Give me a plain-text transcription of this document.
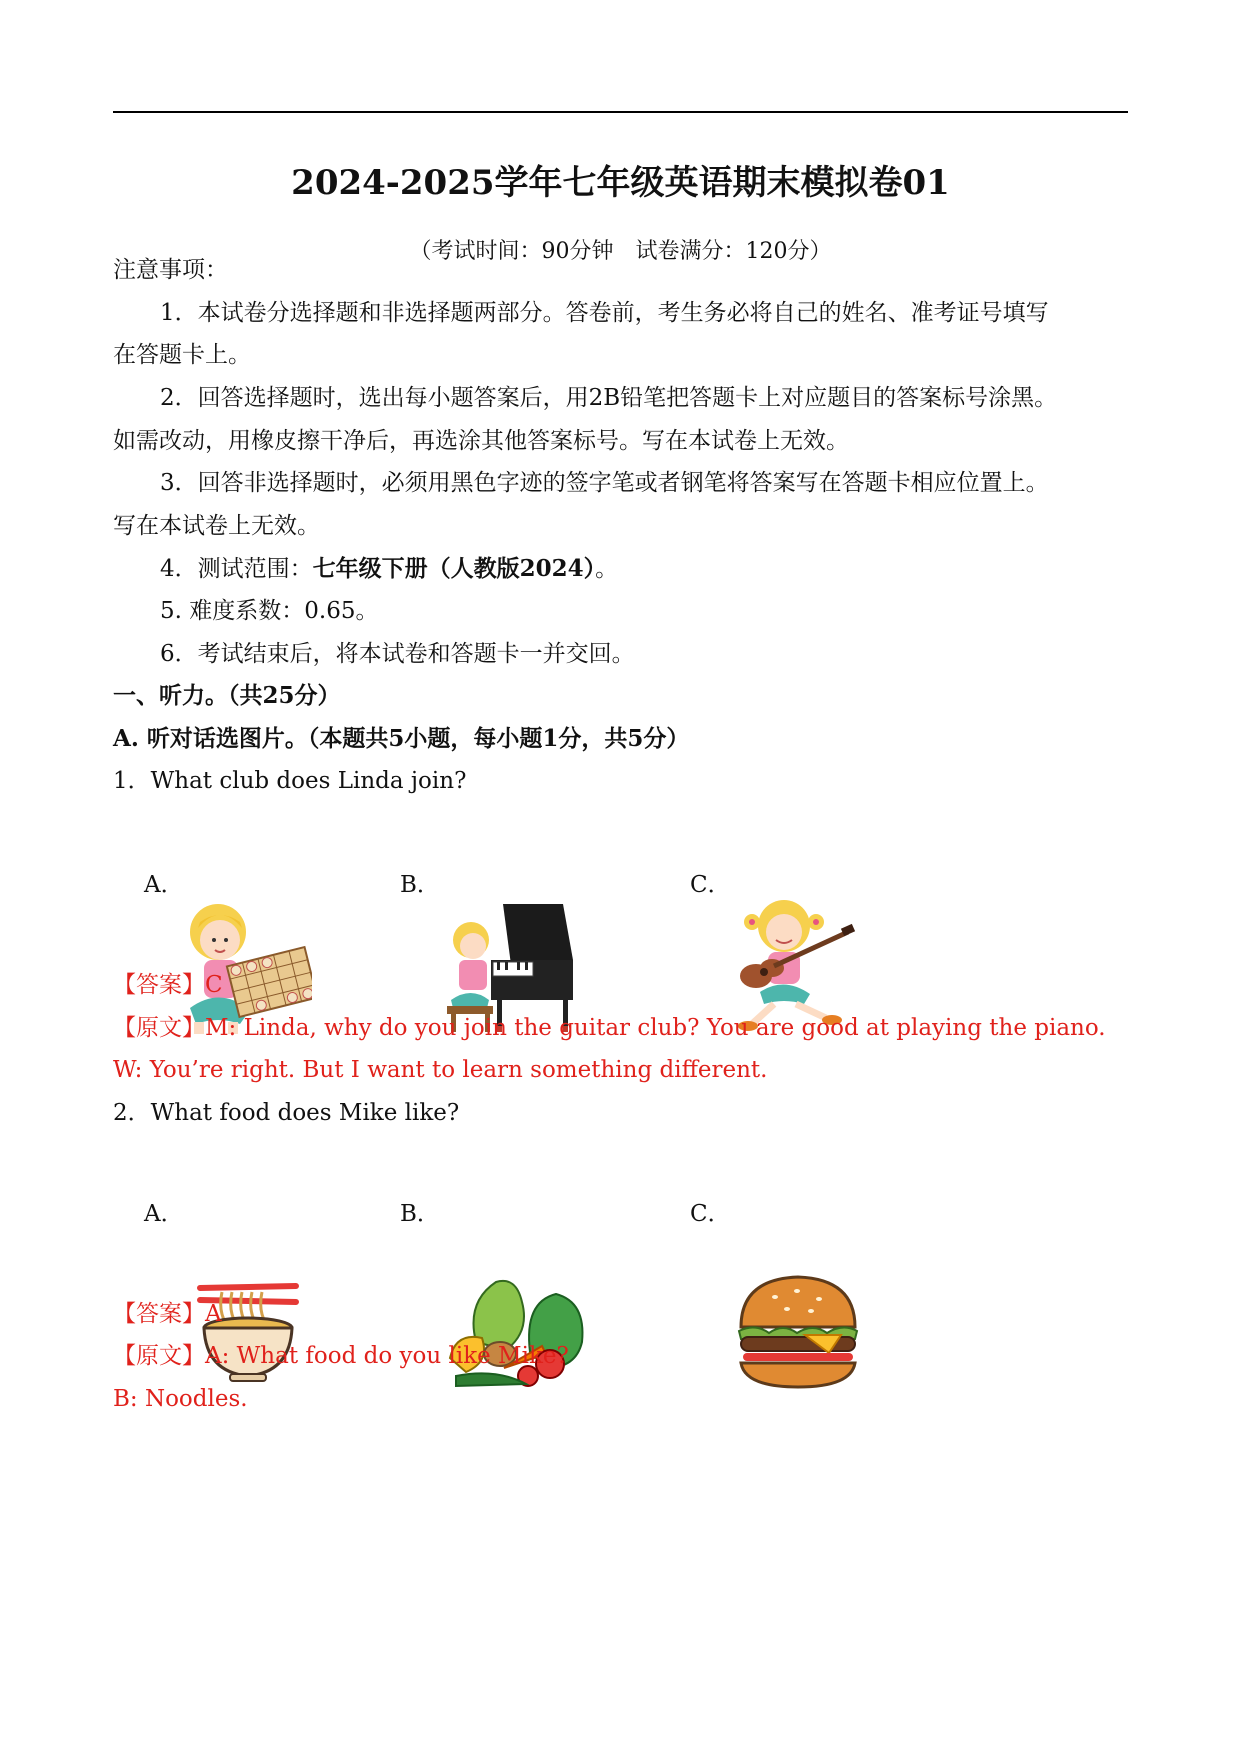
2024-2025学年七年级英语期末模拟卷01
（考试时间：90分钟　试卷满分：120分）
注意事项：
1．本试卷分选择题和非选择题两部分。答卷前，考生务必将自己的姓名、准考证号填写
在答题卡上。
2．回答选择题时，选出每小题答案后，用2B铅笔把答题卡上对应题目的答案标号涂黑。
如需改动，用橡皮擦干净后，再选涂其他答案标号。写在本试卷上无效。
3．回答非选择题时，必须用黑色字迹的签字笔或者钢笔将答案写在答题卡相应位置上。
写在本试卷上无效。
4．测试范围：七年级下册（人教版2024）。
5. 难度系数：0.65。
6．考试结束后，将本试卷和答题卡一并交回。
一、听力。（共25分）
A. 听对话选图片。（本题共5小题，每小题1分，共5分）
1．What club does Linda join?
A．	B．	C．
【答案】C
【原文】M: Linda, why do you join the guitar club? You are good at playing the piano.
W: You’re right. But I want to learn something different.
2．What food does Mike like?
A．	B．	C．
【答案】A
【原文】A: What food do you like Mike?
B: Noodles.
